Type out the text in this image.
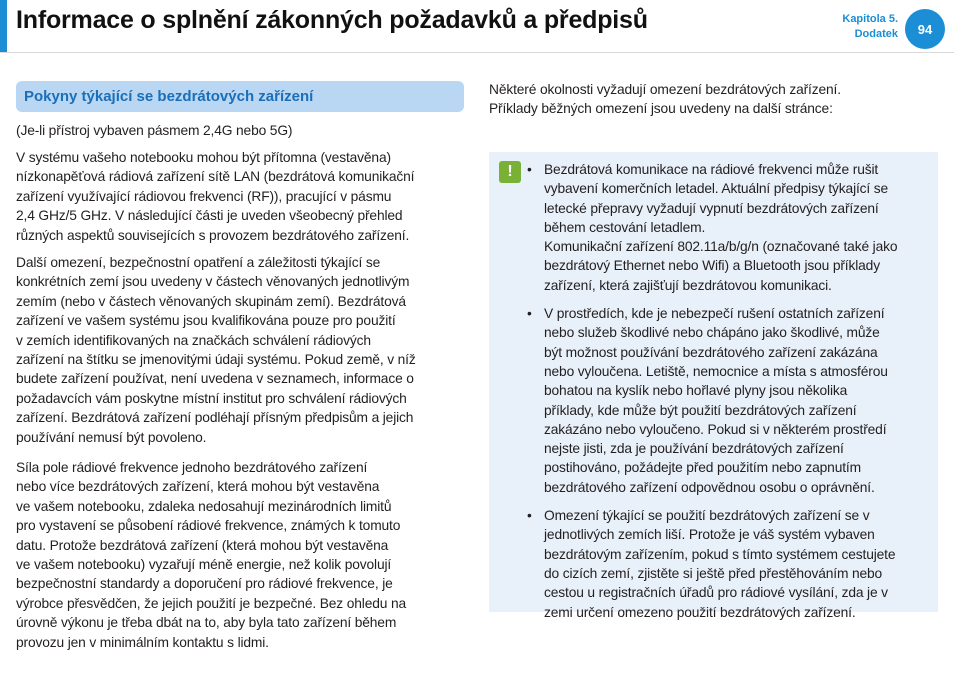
Informace o splnění zákonných požadavků a předpisů	Kapitola 5.
Dodatek	94
Pokyny týkající se bezdrátových zařízení

(Je-li přístroj vybaven pásmem 2,4G nebo 5G)

V systému vašeho notebooku mohou být přítomna (vestavěna)
nízkonapěťová rádiová zařízení sítě LAN (bezdrátová komunikační
zařízení využívající rádiovou frekvenci (RF)), pracující v pásmu
2,4 GHz/5 GHz. V následující části je uveden všeobecný přehled
různých aspektů souvisejících s provozem bezdrátového zařízení.
Další omezení, bezpečnostní opatření a záležitosti týkající se
konkrétních zemí jsou uvedeny v částech věnovaných jednotlivým
zemím (nebo v částech věnovaných skupinám zemí). Bezdrátová
zařízení ve vašem systému jsou kvalifikována pouze pro použití
v zemích identifikovaných na značkách schválení rádiových
zařízení na štítku se jmenovitými údaji systému. Pokud země, v níž
budete zařízení používat, není uvedena v seznamech, informace o
požadavcích vám poskytne místní institut pro schválení rádiových
zařízení. Bezdrátová zařízení podléhají přísným předpisům a jejich
používání nemusí být povoleno.
Síla pole rádiové frekvence jednoho bezdrátového zařízení
nebo více bezdrátových zařízení, která mohou být vestavěna
ve vašem notebooku, zdaleka nedosahují mezinárodních limitů
pro vystavení se působení rádiové frekvence, známých k tomuto
datu. Protože bezdrátová zařízení (která mohou být vestavěna
ve vašem notebooku) vyzařují méně energie, než kolik povolují
bezpečnostní standardy a doporučení pro rádiové frekvence, je
výrobce přesvědčen, že jejich použití je bezpečné. Bez ohledu na
úrovně výkonu je třeba dbát na to, aby byla tato zařízení během
provozu jen v minimálním kontaktu s lidmi.
Některé okolnosti vyžadují omezení bezdrátových zařízení.
Příklady běžných omezení jsou uvedeny na další stránce:
!
•	Bezdrátová komunikace na rádiové frekvenci může rušit
vybavení komerčních letadel. Aktuální předpisy týkající se
letecké přepravy vyžadují vypnutí bezdrátových zařízení
během cestování letadlem.
Komunikační zařízení 802.11a/b/g/n (označované také jako
bezdrátový Ethernet nebo Wifi) a Bluetooth jsou příklady
zařízení, která zajišťují bezdrátovou komunikaci.
• V prostředích, kde je nebezpečí rušení ostatních zařízení
nebo služeb škodlivé nebo chápáno jako škodlivé, může
být možnost používání bezdrátového zařízení zakázána
nebo vyloučena. Letiště, nemocnice a místa s atmosférou
bohatou na kyslík nebo hořlavé plyny jsou několika
příklady, kde může být použití bezdrátových zařízení
zakázáno nebo vyloučeno. Pokud si v některém prostředí
nejste jisti, zda je používání bezdrátových zařízení
postihováno, požádejte před použitím nebo zapnutím
bezdrátového zařízení odpovědnou osobu o oprávnění.
• Omezení týkající se použití bezdrátových zařízení se v
jednotlivých zemích liší. Protože je váš systém vybaven
bezdrátovým zařízením, pokud s tímto systémem cestujete
do cizích zemí, zjistěte si ještě před přestěhováním nebo
cestou u registračních úřadů pro rádiové vysílání, zda je v
zemi určení omezeno použití bezdrátových zařízení.
